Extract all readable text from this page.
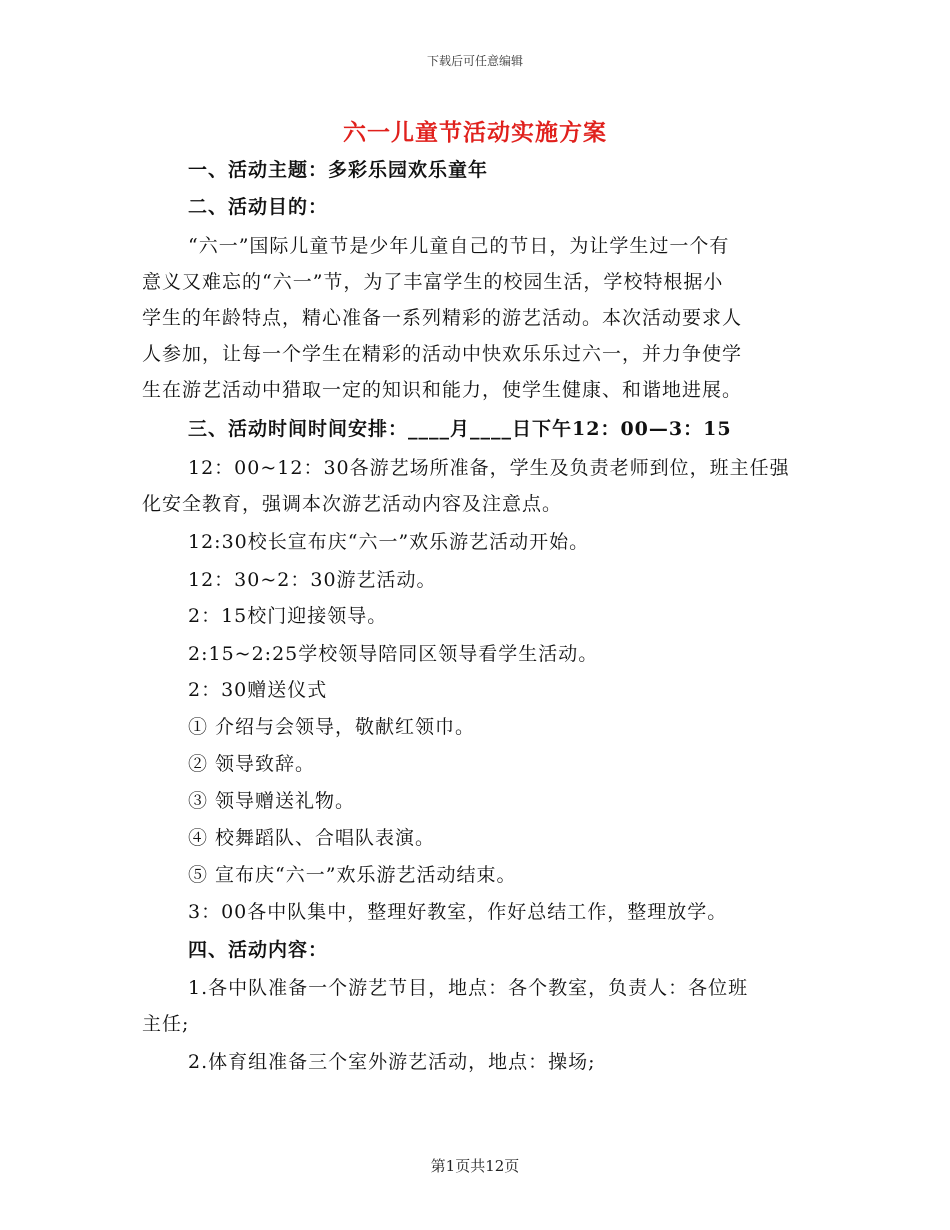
下载后可任意编辑
六一儿童节活动实施方案
一、活动主题：多彩乐园欢乐童年
二、活动目的：
“六一”国际儿童节是少年儿童自己的节日，为让学生过一个有
意义又难忘的“六一”节，为了丰富学生的校园生活，学校特根据小
学生的年龄特点，精心准备一系列精彩的游艺活动。本次活动要求人
人参加，让每一个学生在精彩的活动中快欢乐乐过六一，并力争使学
生在游艺活动中猎取一定的知识和能力，使学生健康、和谐地进展。
三、活动时间时间安排：____月____日下午12：00—3：15
12：00~12：30各游艺场所准备，学生及负责老师到位，班主任强
化安全教育，强调本次游艺活动内容及注意点。
12:30校长宣布庆“六一”欢乐游艺活动开始。
12：30~2：30游艺活动。
2：15校门迎接领导。
2:15~2:25学校领导陪同区领导看学生活动。
2：30赠送仪式
① 介绍与会领导，敬献红领巾。
② 领导致辞。
③ 领导赠送礼物。
④ 校舞蹈队、合唱队表演。
⑤ 宣布庆“六一”欢乐游艺活动结束。
3：00各中队集中，整理好教室，作好总结工作，整理放学。
四、活动内容：
1.各中队准备一个游艺节目，地点：各个教室，负责人：各位班
主任;
2.体育组准备三个室外游艺活动，地点：操场;
第1页共12页
